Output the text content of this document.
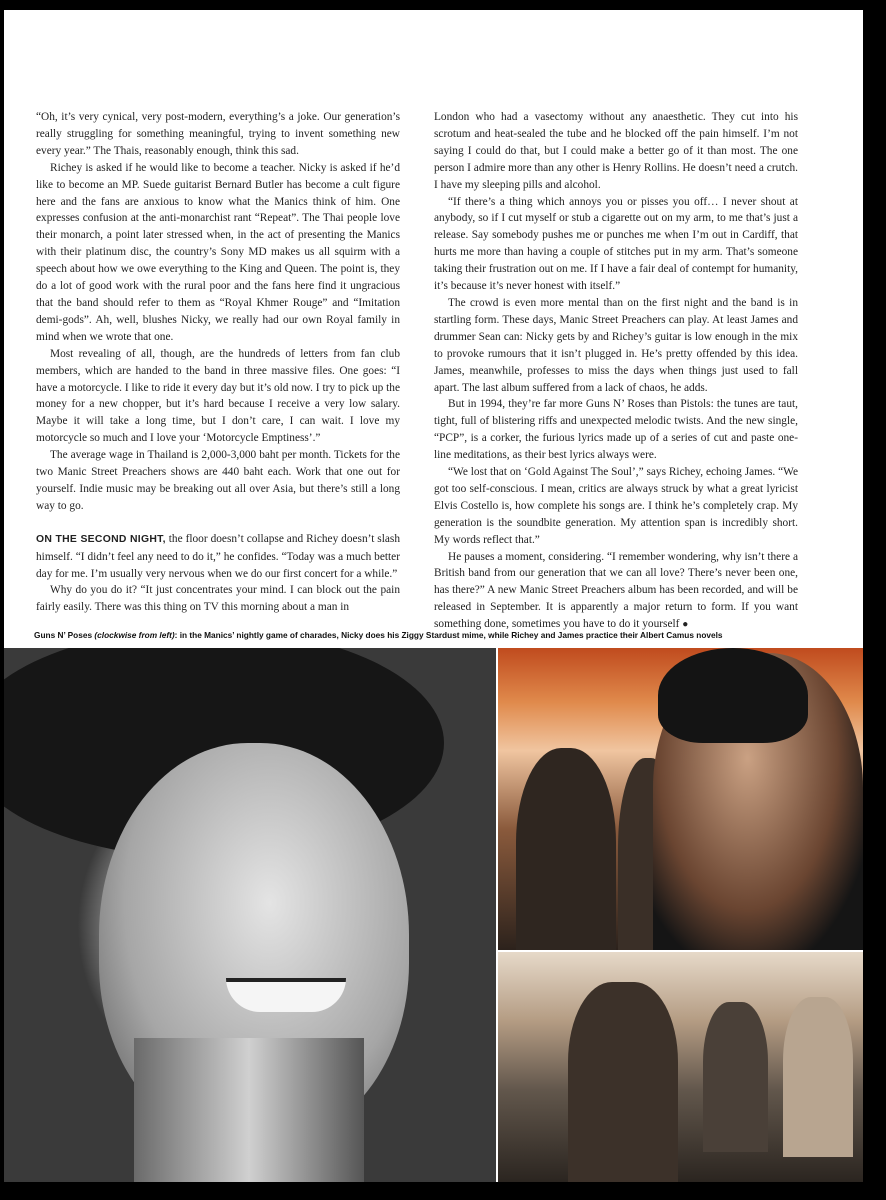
“Oh, it’s very cynical, very post-modern, everything’s a joke. Our generation’s really struggling for something meaningful, trying to invent something new every year.” The Thais, reasonably enough, think this sad.

Richey is asked if he would like to become a teacher. Nicky is asked if he’d like to become an MP. Suede guitarist Bernard Butler has become a cult figure here and the fans are anxious to know what the Manics think of him. One expresses confusion at the anti-monarchist rant “Repeat”. The Thai people love their monarch, a point later stressed when, in the act of presenting the Manics with their platinum disc, the country’s Sony MD makes us all squirm with a speech about how we owe everything to the King and Queen. The point is, they do a lot of good work with the rural poor and the fans here find it ungracious that the band should refer to them as “Royal Khmer Rouge” and “Imitation demi-gods”. Ah, well, blushes Nicky, we really had our own Royal family in mind when we wrote that one.

Most revealing of all, though, are the hundreds of letters from fan club members, which are handed to the band in three massive files. One goes: “I have a motorcycle. I like to ride it every day but it’s old now. I try to pick up the money for a new chopper, but it’s hard because I receive a very low salary. Maybe it will take a long time, but I don’t care, I can wait. I love my motorcycle so much and I love your ‘Motorcycle Emptiness’.”

The average wage in Thailand is 2,000-3,000 baht per month. Tickets for the two Manic Street Preachers shows are 440 baht each. Work that one out for yourself. Indie music may be breaking out all over Asia, but there’s still a long way to go.

ON THE SECOND NIGHT, the floor doesn’t collapse and Richey doesn’t slash himself. “I didn’t feel any need to do it,” he confides. “Today was a much better day for me. I’m usually very nervous when we do our first concert for a while.”

Why do you do it? “It just concentrates your mind. I can block out the pain fairly easily. There was this thing on TV this morning about a man in

London who had a vasectomy without any anaesthetic. They cut into his scrotum and heat-sealed the tube and he blocked off the pain himself. I’m not saying I could do that, but I could make a better go of it than most. The one person I admire more than any other is Henry Rollins. He doesn’t need a crutch. I have my sleeping pills and alcohol.

“If there’s a thing which annoys you or pisses you off… I never shout at anybody, so if I cut myself or stub a cigarette out on my arm, to me that’s just a release. Say somebody pushes me or punches me when I’m out in Cardiff, that hurts me more than having a couple of stitches put in my arm. That’s someone taking their frustration out on me. If I have a fair deal of contempt for humanity, it’s because it’s never honest with itself.”

The crowd is even more mental than on the first night and the band is in startling form. These days, Manic Street Preachers can play. At least James and drummer Sean can: Nicky gets by and Richey’s guitar is low enough in the mix to provoke rumours that it isn’t plugged in. He’s pretty offended by this idea. James, meanwhile, professes to miss the days when things just used to fall apart. The last album suffered from a lack of chaos, he adds.

But in 1994, they’re far more Guns N’ Roses than Pistols: the tunes are taut, tight, full of blistering riffs and unexpected melodic twists. And the new single, “PCP”, is a corker, the furious lyrics made up of a series of cut and paste one-line meditations, as their best lyrics always were.

“We lost that on ‘Gold Against The Soul’,” says Richey, echoing James. “We got too self-conscious. I mean, critics are always struck by what a great lyricist Elvis Costello is, how complete his songs are. I think he’s completely crap. My generation is the soundbite generation. My attention span is incredibly short. My words reflect that.”

He pauses a moment, considering. “I remember wondering, why isn’t there a British band from our generation that we can all love? There’s never been one, has there?” A new Manic Street Preachers album has been recorded, and will be released in September. It is apparently a major return to form. If you want something done, sometimes you have to do it yourself ●

Guns N’ Poses (clockwise from left): in the Manics’ nightly game of charades, Nicky does his Ziggy Stardust mime, while Richey and James practice their Albert Camus novels
